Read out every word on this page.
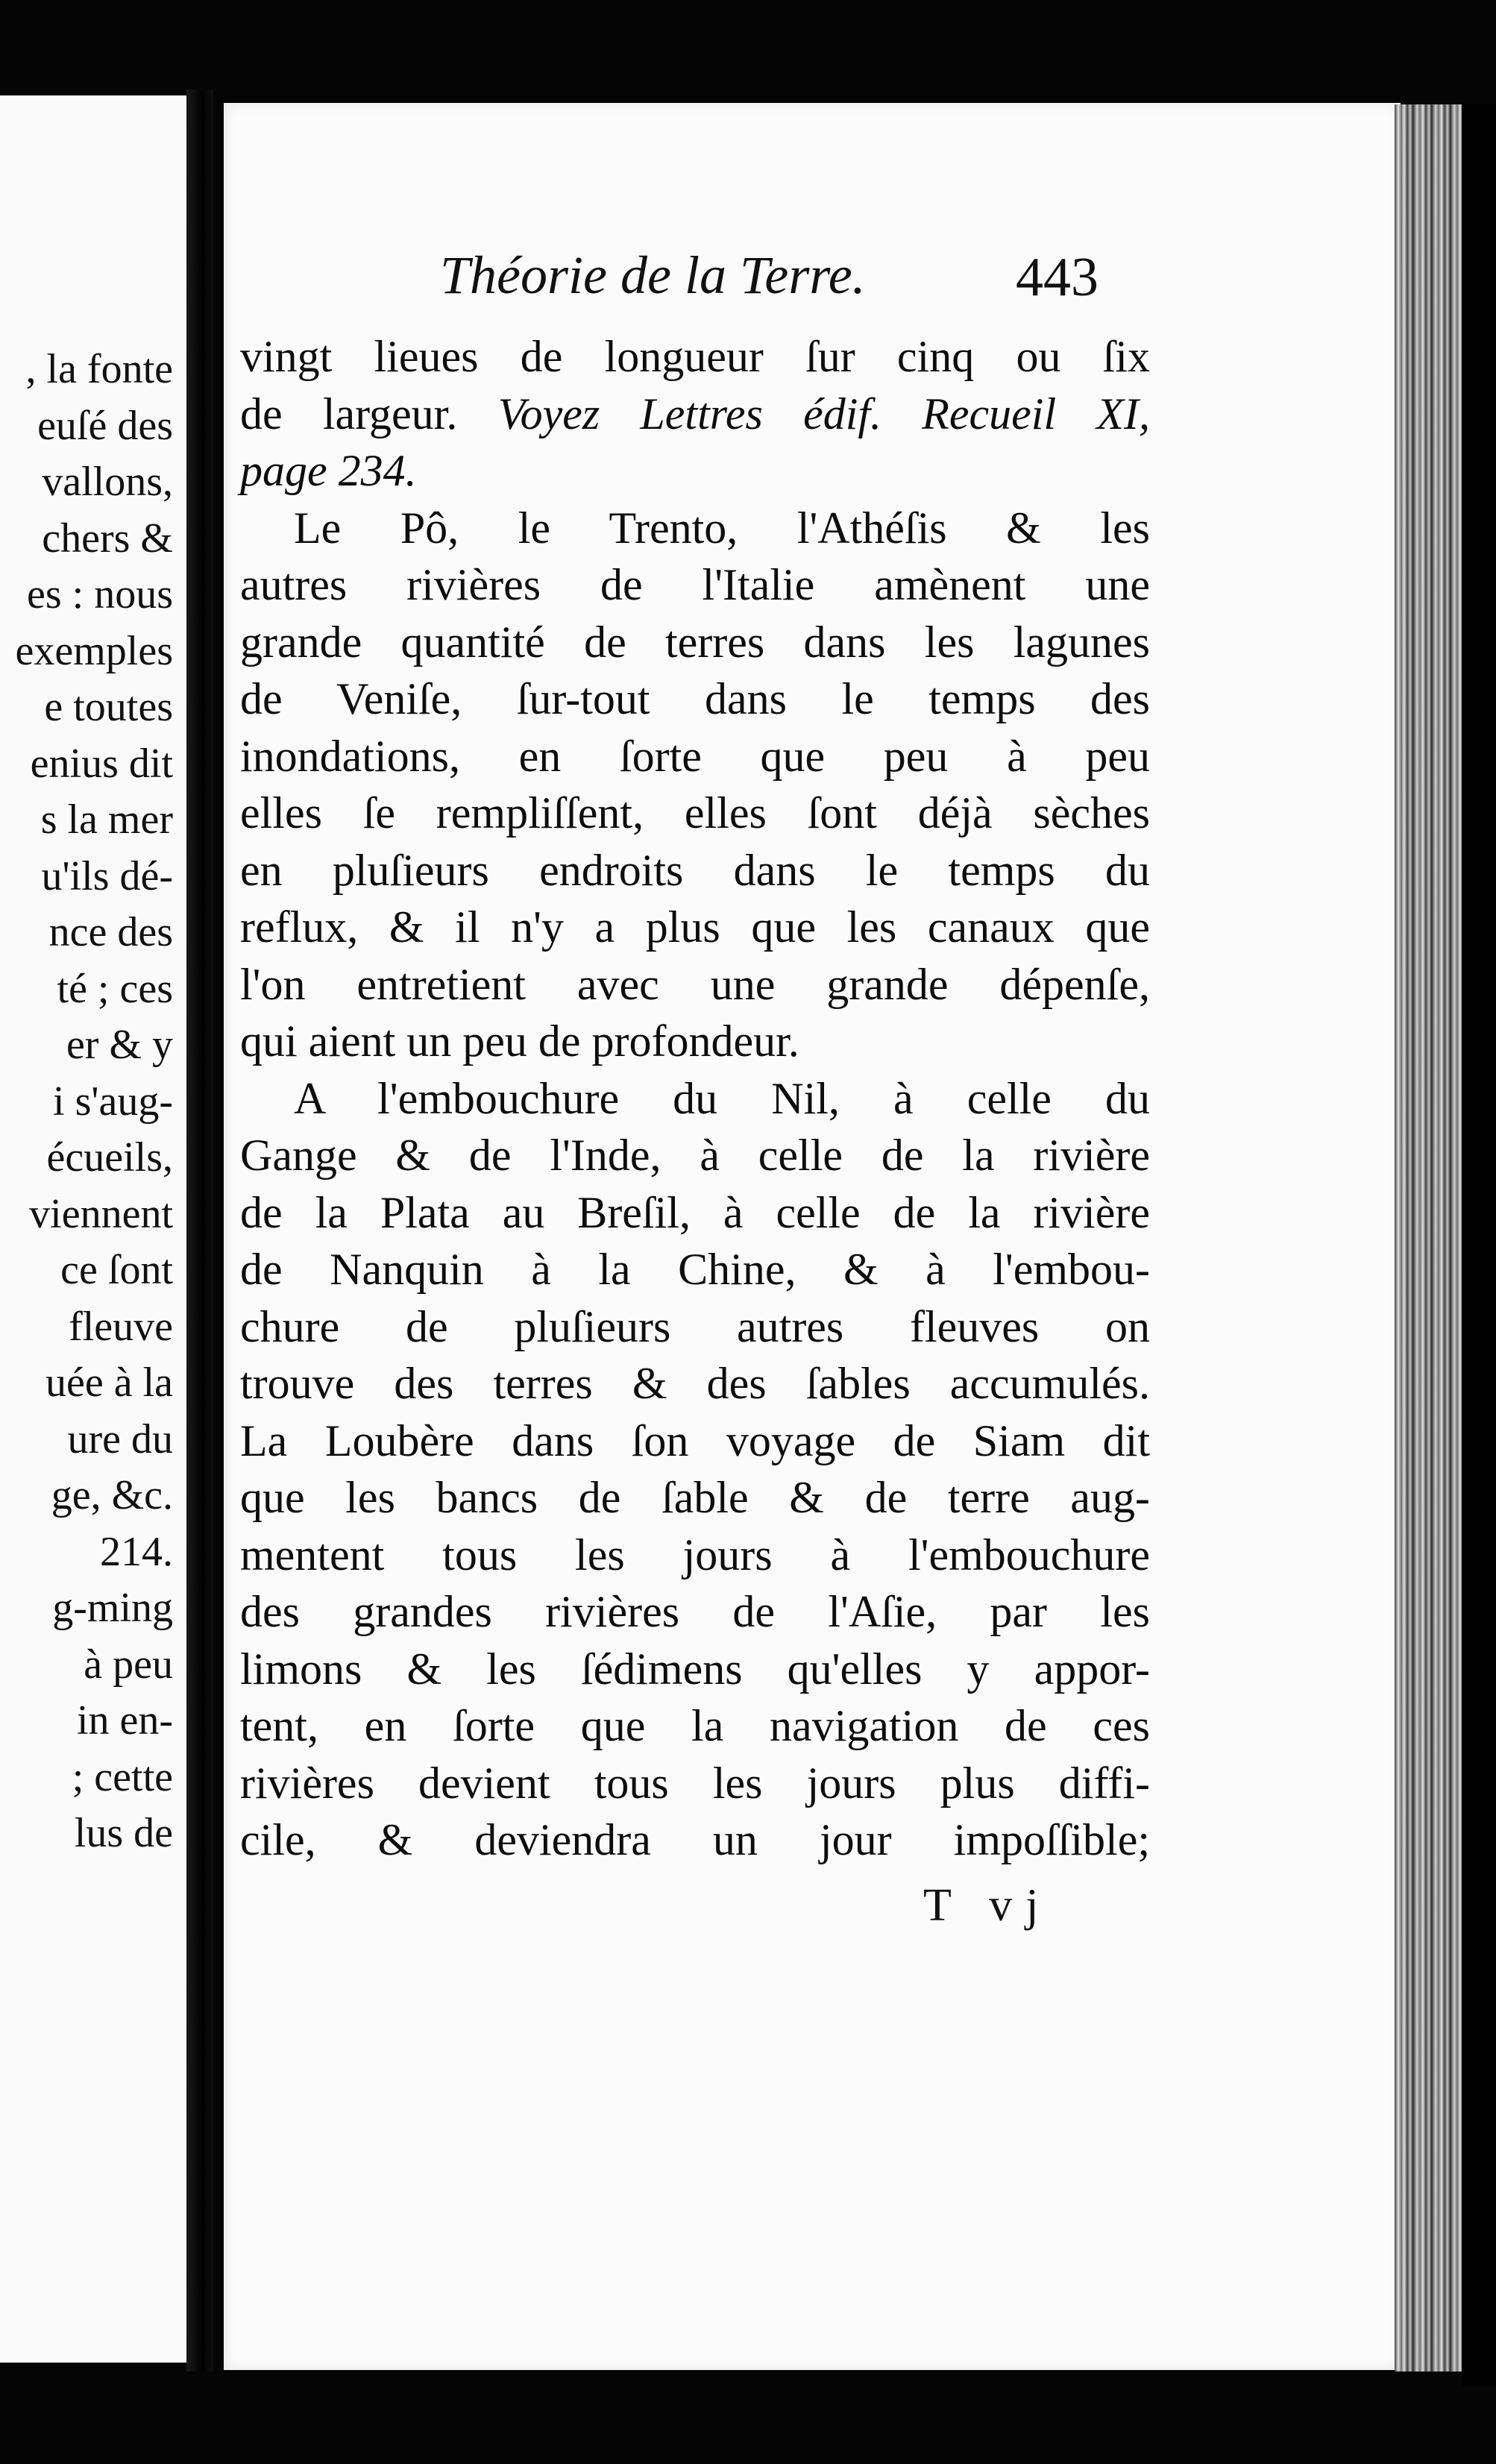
, la fonte
euſé des
vallons,
chers &
es : nous
exemples
e toutes
enius dit
s la mer
u'ils dé-
nce des
té ; ces
er & y
i s'aug-
écueils,
viennent
ce ſont
fleuve
uée à la
ure du
ge, &c.
214.
g-ming
à peu
in en-
; cette
lus de
Théorie de la Terre.	443
vingt lieues de longueur ſur cinq ou ſix
de largeur. Voyez Lettres édif. Recueil XI,
page 234.
Le Pô, le Trento, l'Athéſis & les
autres rivières de l'Italie amènent une
grande quantité de terres dans les lagunes
de Veniſe, ſur-tout dans le temps des
inondations, en ſorte que peu à peu
elles ſe rempliſſent, elles ſont déjà sèches
en pluſieurs endroits dans le temps du
reflux, & il n'y a plus que les canaux que
l'on entretient avec une grande dépenſe,
qui aient un peu de profondeur.
A l'embouchure du Nil, à celle du
Gange & de l'Inde, à celle de la rivière
de la Plata au Breſil, à celle de la rivière
de Nanquin à la Chine, & à l'embou-
chure de pluſieurs autres fleuves on
trouve des terres & des ſables accumulés.
La Loubère dans ſon voyage de Siam dit
que les bancs de ſable & de terre aug-
mentent tous les jours à l'embouchure
des grandes rivières de l'Aſie, par les
limons & les ſédimens qu'elles y appor-
tent, en ſorte que la navigation de ces
rivières devient tous les jours plus diffi-
cile, & deviendra un jour impoſſible;
T vj
